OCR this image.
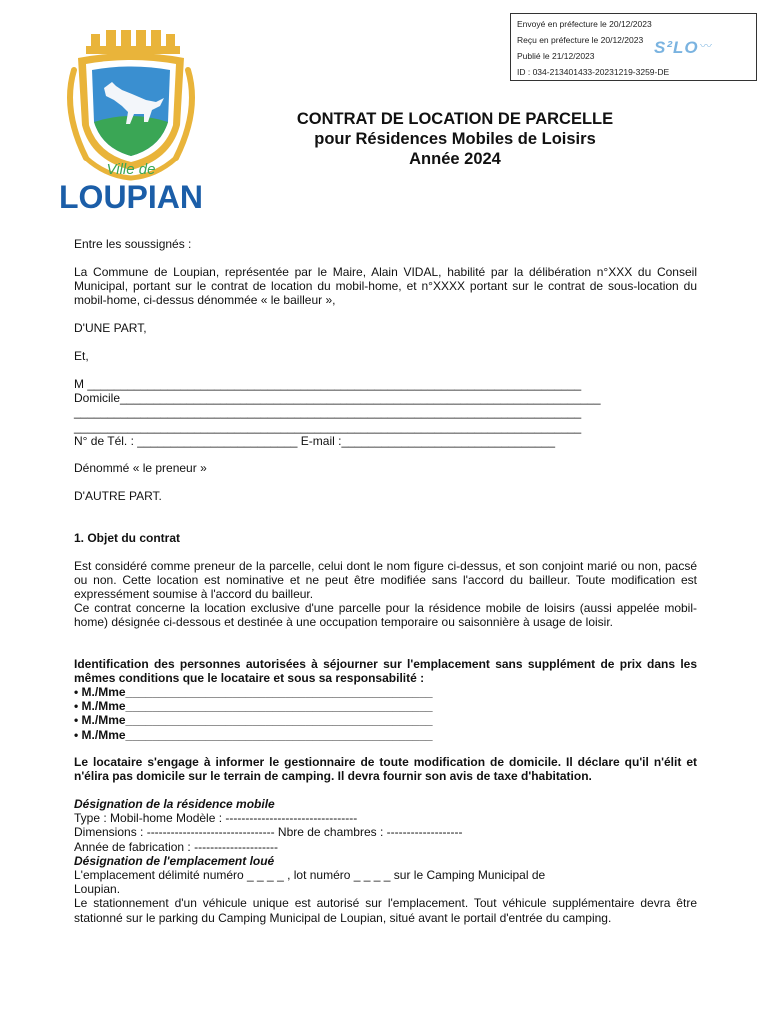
Envoyé en préfecture le 20/12/2023
Reçu en préfecture le 20/12/2023
Publié le 21/12/2023
ID : 034-213401433-20231219-3259-DE
S²LO 〰
Ville de
LOUPIAN
CONTRAT DE LOCATION DE PARCELLE
pour Résidences Mobiles de Loisirs
Année 2024

Entre les soussignés :

La Commune de Loupian, représentée par le Maire, Alain VIDAL, habilité par la délibération n°XXX du Conseil Municipal, portant sur le contrat de location du mobil-home, et n°XXXX portant sur le contrat de sous-location du mobil-home, ci-dessus dénommée « le bailleur »,

D'UNE PART,

Et,

M __________________________________________________________________________
Domicile________________________________________________________________________
____________________________________________________________________________
____________________________________________________________________________
N° de Tél. : ________________________ E-mail :________________________________

Dénommé « le preneur »

D'AUTRE PART.

1. Objet du contrat

Est considéré comme preneur de la parcelle, celui dont le nom figure ci-dessus, et son conjoint marié ou non, pacsé ou non. Cette location est nominative et ne peut être modifiée sans l'accord du bailleur. Toute modification est expressément soumise à l'accord du bailleur.

Ce contrat concerne la location exclusive d'une parcelle pour la résidence mobile de loisirs (aussi appelée mobil-home) désignée ci-dessous et destinée à une occupation temporaire ou saisonnière à usage de loisir.

Identification des personnes autorisées à séjourner sur l'emplacement sans supplément de prix dans les mêmes conditions que le locataire et sous sa responsabilité :

• M./Mme______________________________________________
• M./Mme______________________________________________
• M./Mme______________________________________________
• M./Mme______________________________________________

Le locataire s'engage à informer le gestionnaire de toute modification de domicile. Il déclare qu'il n'élit et n'élira pas domicile sur le terrain de camping. Il devra fournir son avis de taxe d'habitation.

Désignation de la résidence mobile
Type : Mobil-home Modèle : ---------------------------------
Dimensions : -------------------------------- Nbre de chambres : -------------------
Année de fabrication : ---------------------
Désignation de l'emplacement loué
L'emplacement délimité numéro _ _ _ _ , lot numéro _ _ _ _ sur le Camping Municipal de
Loupian.
Le stationnement d'un véhicule unique est autorisé sur l'emplacement. Tout véhicule supplémentaire devra être stationné sur le parking du Camping Municipal de Loupian, situé avant le portail d'entrée du camping.
